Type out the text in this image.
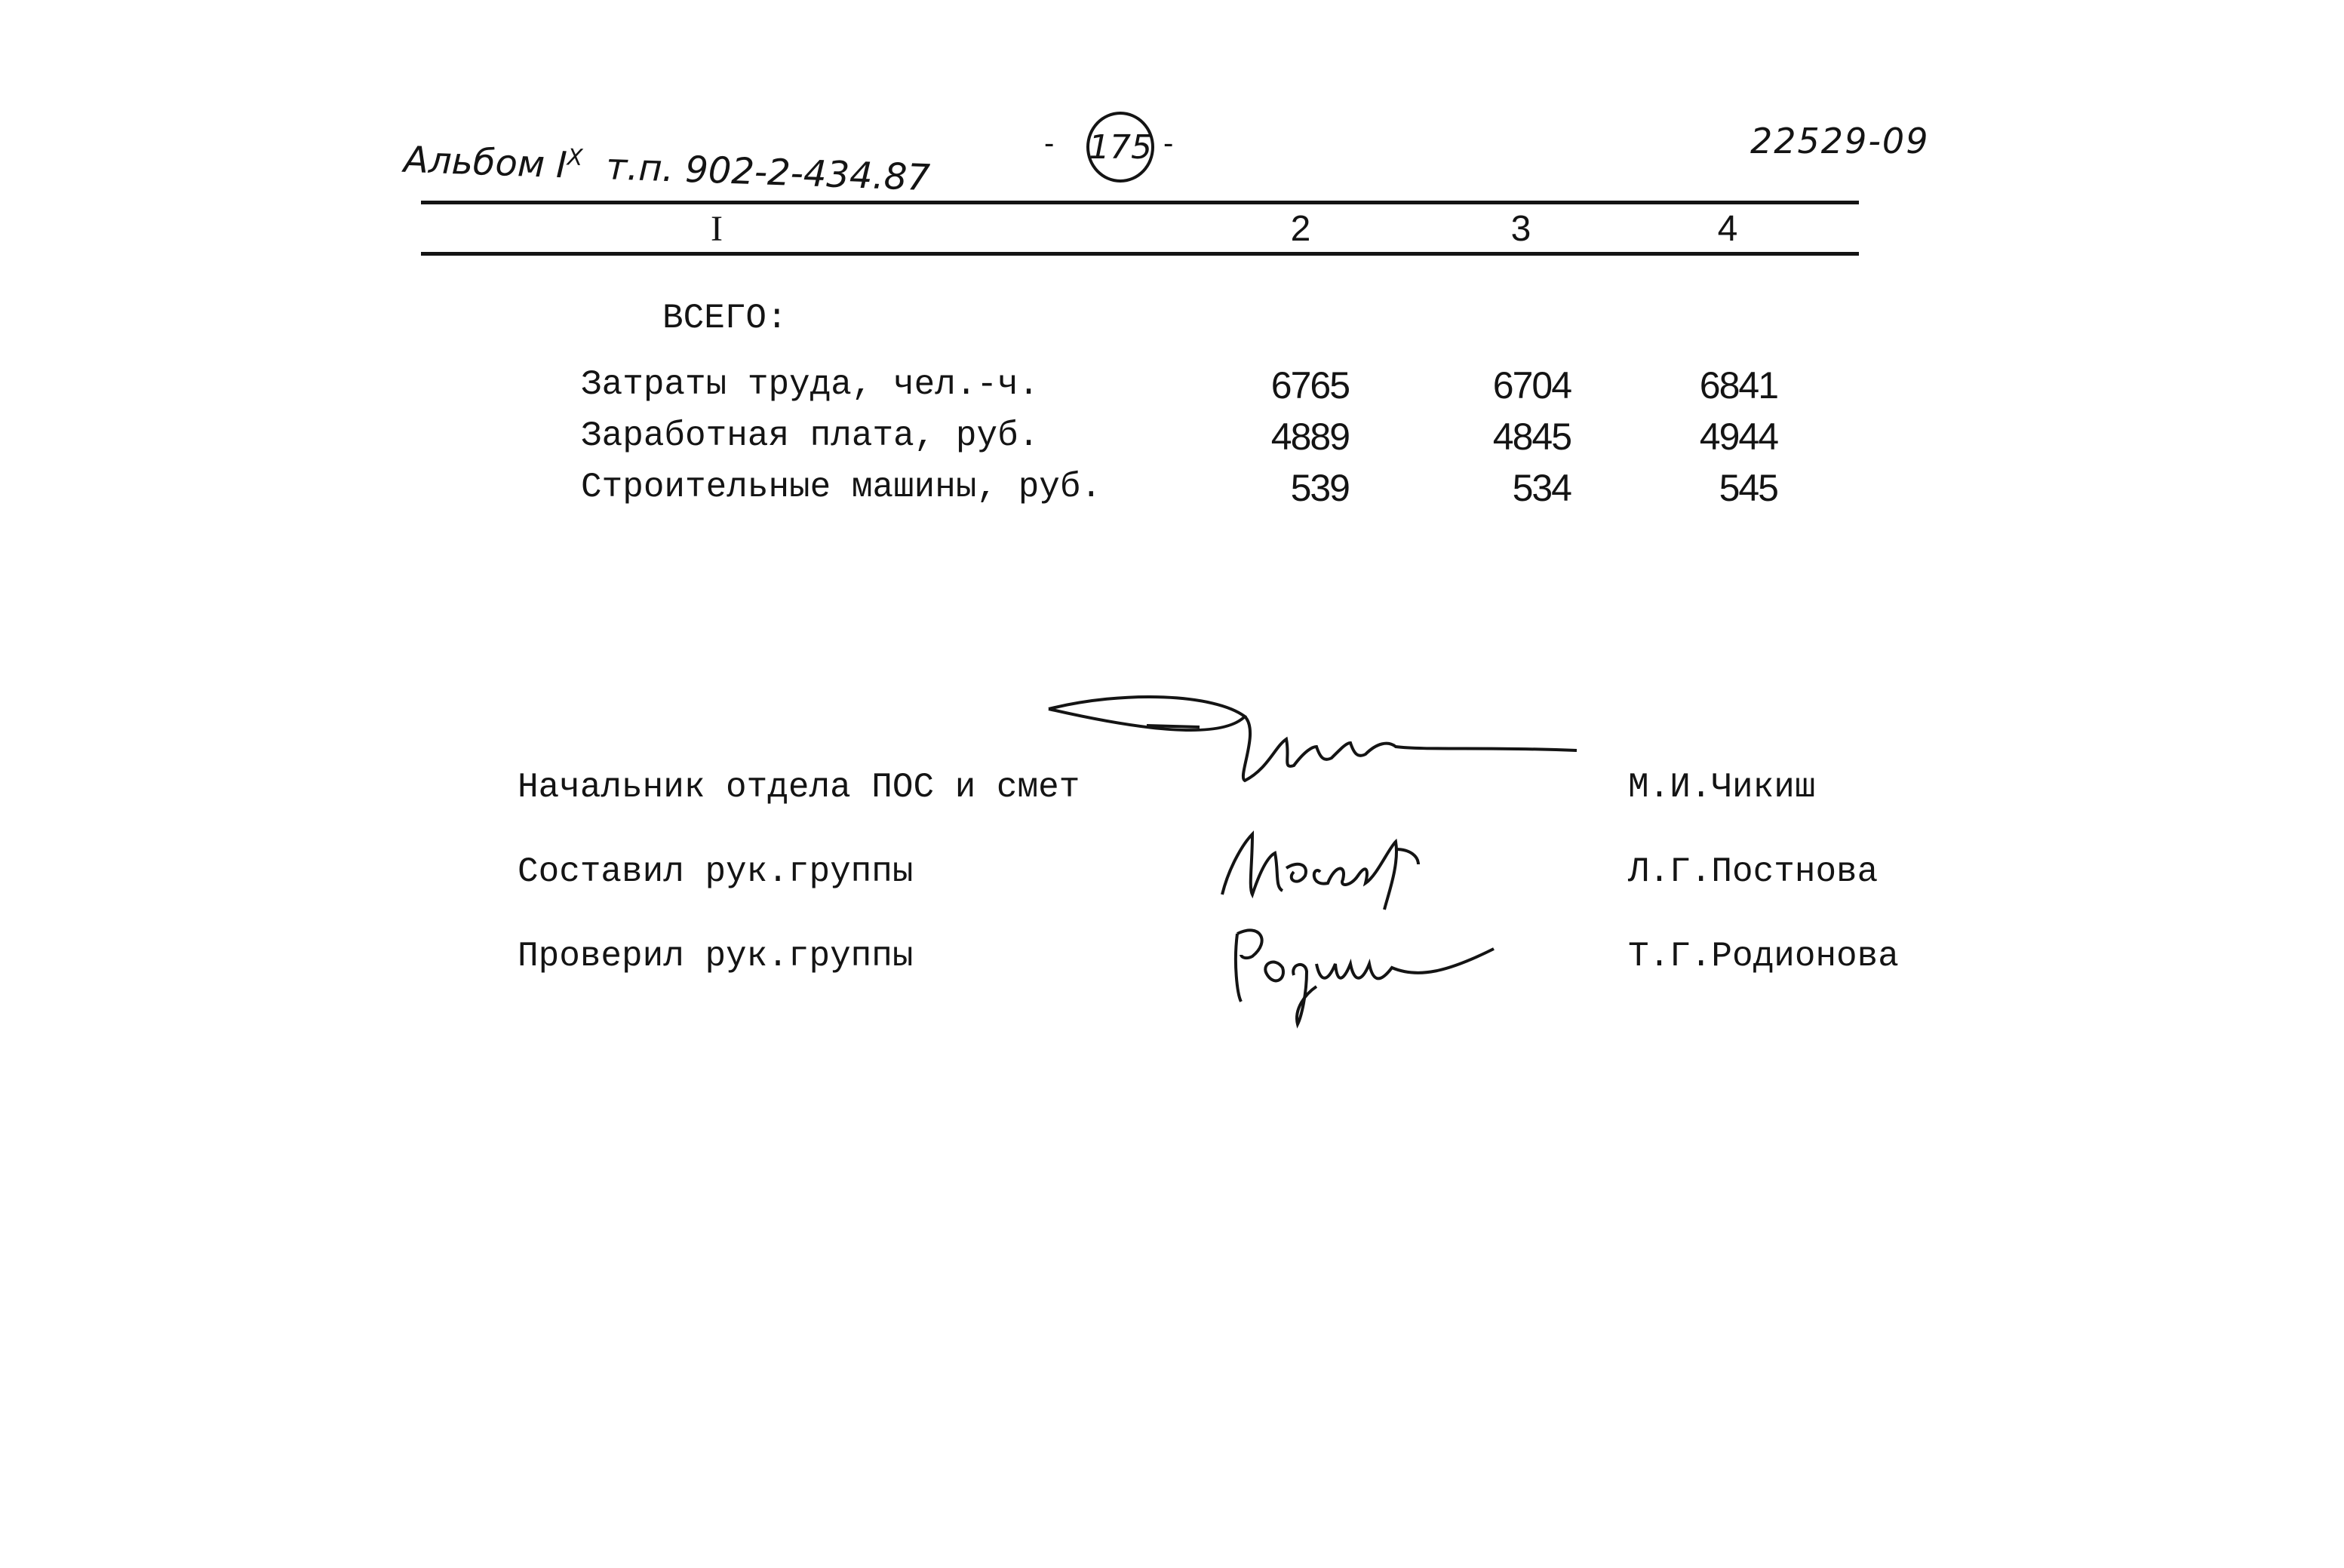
Альбом $I^X$ т.п. 902-2-434.87
- 175 -	22529-09
I	2	3	4
ВСЕГО:
Затраты труда, чел.-ч.	6765	6704	6841
Заработная плата, руб.	4889	4845	4944
Строительные машины, руб.	539	534	545
Начальник отдела ПОС и смет	М.И.Чикиш
Составил рук.группы	Л.Г.Постнова
Проверил рук.группы	Т.Г.Родионова
